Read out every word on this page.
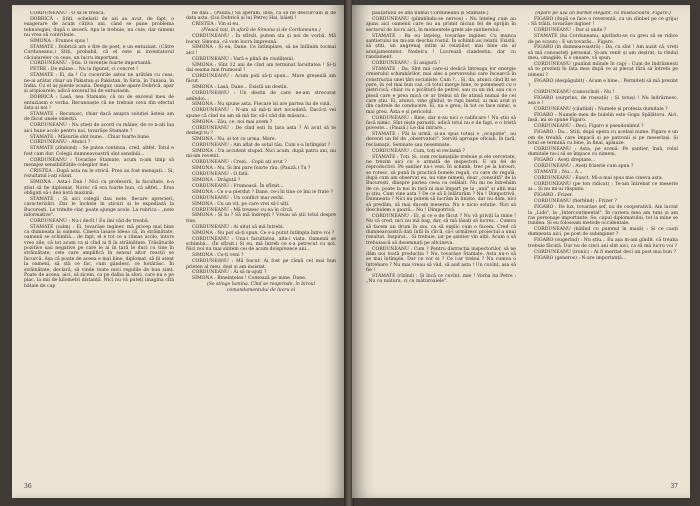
CORDUNEANU : O să le treacă.

DOBRICĂ : Știți, ochelarii de azi au avut, de fapt, o exagerare de acum câțiva ani, când se pune problema tehnologiei, după o seceră. Apa le trebuie, nu cuie, dar nimeni nu vrea să contribuie.

SIMONA : Frumos spus !

STAMATE : Dobrică are o fire de poet, e un entuziast. (Către Corduneanu.) Știți, probabil, că el este și inventatorul căciularelor cu ceas, un lucru important.

CORDUNEANU : Știu. O invenție foarte importantă.

PETRE : De mâine... Nu la figurat, ci concret !

STAMATE : Ei, da ! Cu cuceririle astea ne arătăm cu ceas, ne-ai arătat chiar un Pakistan și Pakistan, în Siria, în Tunisia, în India. Cu el aș pierde ocazia. Desigur, unde apare Dobrică, apar și aripioarele, adică excesul lui de entuziasm.

DOBRICĂ : Lasă, nea Stamate, că nu de excesul meu de entuziasm e vorba. Recunoaște că ne trebuie ceva din efectul ăsta și noi !

STAMATE : Recunosc, chiar dacă asupra soluției ăsteia am de făcut unele obiecții.

CORDUNEANU : Nu știeți de acord cu mâine, de ce n-ați lua aici bune acolo pentru noi, tovarășe Stamate ?

STAMATE : Măsurile sînt bune... Chiar foarte bune.

CORDUNEANU : Atunci ?

STAMATE (zîmbind) : Se putea continua, cred, altfel. Totul e fost cam dur. Colegii dumneavoastră sînt sensibili...

CORDUNEANU : Tovarășe Stamate, acum n-am timp să menajez sensibilitățile colegilor mei.

CRISTEA : După asta nu le strică. Prea au fost menajați... Și, rezultatul i-ați văzut.

SIMONA : Asta-i Dan ! Nici cu profesorii, la facultate, n-a știut să fie diplomat. Noroc că era foarte bun, că altfel... Ersa obligați să-i dea notă maximă.

STAMATE : Și aici colegii dau note, fiecare aprecieri, caracterizări. Dar le încheie în șticuri și le expediază la București. Le trimite clar, poate ajunge acolo. La rubrica : „note informative".

CORDUNEANU : Nu-i decît ! Eu îmi văd de treabă.

STAMATE (calm) : Ei, tovarășe inginer, mă pricep mai bine ca dumneata la oameni. Cineva lasase ideea că, în străinătate, oamenii se schimbă... de fapt, el e tot ce a rămas acolo, întors vreo zile, că tot acum ca și cînd ai fi în străinătate. Trăsăturile pozitive sau negative pe care le ai în țară le duci cu tine în străinătate, cele care amplifică în sensul altor reacții se încurcă. Așa că poate de aceea e mai bine, diplomat, să fii atent la oameni, să știi ce fac, cum gândesc, ce hotărăsc. În străinătate, declară, să vinde toate mici regulile de bun simț. Poate de aceea, aici, să zicem, ca pe dalba la sfori, care nu e pe plac, la mii de kilometri distanță. Nici nu vă puteți imagina cîtă bătaie de cap

ne dau... (Pauză.) Să sperăm, însă, că să ne descurcăm și de data asta. (Lui Dobrică și lui Petre) Hai, băieți !

CRISTEA : Vin și eu.

(Pleacă toți, în afară de Simona și de Corduneanu.)

CORDUNEANU : În sfîrșit, putem sta și noi de vorbă. Mă bucur, Simona, că vom lucra împreună.

SIMONA : Și eu, Dane. Ce întîmplare, să ne întîlnim tocmai aici !

CORDUNEANU : Vară e plină de ciudățenii.

SIMONA : Sînt 12 ani de cînd am terminat facultatea ! Și-ți dai seama mai frumosul !

CORDUNEANU : Acum poți să-ți spun... Mare greșeală am făcut.

SIMONA : Lasă, Dane... Există un destin.

CORDUNEANU : Un destin de care ne-am strecurat amîndoi...

SIMONA : Nu spune asta. Fiecare își are partea lui de vină.

CORDUNEANU : N-am să mă-ți iert niciodată. Dacă-ți vei spune că cînd nu am să mă fac să-i văd din măsura...

SIMONA : Zău, ce, noi mai avem ?

CORDUNEANU : De cînd ești în țara asta ? Ai avut să te dezlegi tu ?

SIMONA : Nu, și tot ce urma. Mare.

CORDUNEANU : Am aflat de soțul tău. Cum s-a întîmplat ?

SIMONA : Un accident stupid. Nici acum, după patru ani, nu mi-am revenit.

CORDUNEANU : Crezi... Copii ați avut ?

SIMONA : Nu. Și îmi pare foarte rău. (Pauză.) Tu ?

CORDUNEANU : O fată.

SIMONA : Drăguță ?

CORDUNEANU : Frumoasă. În sfîrșit...

SIMONA : Ce s-a pierdut ? Dane, ce-i în tine ce îmi ie frate ?

CORDUNEANU : Un conflict mai vechi.

SIMONA : Cu un viț, pe care vrei să-l uiți.

CORDUNEANU : Mă trezesc cu ea în cîrcă.

SIMONA : Și tu ? Să mă îndrepți ? Vreau să știi totul despre tine.

CORDUNEANU : Ai uitat să mă întrebi.

SIMONA : Nu pot să-ți spun. Ce s-a putut întîmpla între voi ?

CORDUNEANU : Una-i facultatea, alta-i viața. Oamenii se schimbă... (În sfîrșit.) Și eu, mă întreb ce s-a petrecut cu noi. Nici noi nu mai sîntem cei de acum doisprezece ani...

SIMONA : Ce-ți veni ?

CORDUNEANU : Mă bucur. Ai fost pe rămîi cel mai bun prieten al meu, deși și am insistat.

CORDUNEANU : Ai să m-ajuți ?

SIMONA : Bineînțeles ! Contează pe mine, Dane.

(Se stinge lumina. Cînd se reaprinde, în biroul comandamentului de lucru el

36

pauzatului se află numai Corduneanu și Stamate.)

CORDUNEANU (plimbîndu-se nervos) : Nu înțeleg cum au ajuns aici oamenii care nu au primit niciun fel de sprijin în sectorul de lucru aici, în momentele grele ale șantierului.

STAMATE : Ba eu înțeleg, tovarășe inginer. Cu munca șantierului nu mi-am deschis rostul. În schimb au relații. Există, să știți, un angrenaj intim al relațiilor, mai bine zis al aranjamentelor. Nedelcu ! Lucrează clandestin, dar cu randament.

CORDUNEANU : Și asigură !

STAMATE : Da. Sînt mii care-și dedică întreaga lor energie creierului schimbărilor, mai ales a perversului care încearcă în construcția unei țări socialiste. Cum ?... Și, da, atunci cînd îți se pare, în cel mai bun caz, că totul merge bine, te pomenești cu o pietricică, chiar cu o picătură de petrol, sau cu un zid, sau cu o piesă care e prea mică ce ar trebui să fie atinsă numai de cei care știu. Ei, atunci, vine gîndul, te rupi bietul, ai mai avut și din cadrele de conducere. Ei, nu e greu, în tot ce face nimic, e mai greu. Ăsta e și pericolul.

CORDUNEANU : Bine, dar n-au nici o calificare ! Nu știu să facă nimic. Sînt niște paraziți, adică totul nu e de fapt, e o tristă poveste... (Pauză.) Le dai intrare...

STAMATE : Păi la urmă, și-au spus totuși o „ocupație", au devenit un fel de „observatori". Serviți aproape oficiali, în țară, reclamații. Semnate sau nesemnate.

CORDUNEANU : Cum, toți ei reclamă ?

STAMATE : Toți. Și, cum reclamațiile trebuie și ele cercetate, ne trezim aici cu o armată de inspectori. E un fel de reproductivi. Pe șantier nu-i vezi. În schimb, trec pe la birouri, se rotesc, să pună în practică bunele reguli, cu care de regulă, după cum am observat eu, nu vine nimeni, doar „consultă" de la București, dinspre partea ceea cu celălalt. Nu mi ne întrebăm de ce, poate la noi în tară ni mai împart pe la „unii" și alții mai și știu. Cum vine asta ? De ce să îi înlăturăm ? Nu ! Dimpotrivă, Dumneata ? Nici nu putem să lucrăm în liniște, dar nu dăm, nici să predăm, să mai ducem meseria. Nu e nicio soluție. Nici să deschidem o gaură... Nu ! Dimpotrivă.

CORDUNEANU : Ei, și ce e de făcut ? Nu vă priviți la mine ! Nu vă cred, nici nu mă bag, dar, să mă lăsați să lucrez... Cumva să facem un drum în sus, ca să explic cum o facem. Cred că dumneavoastră dați întîi în cîrcă, că-i urmăresc proiectul a unui rezultat. Inspirat... Și trebuie, iar pe șantier vin alții. Acum o să trebuiască să desemnați pe altcineva.

CORDUNEANU : Cum ? Pentru distracția inspectorilor, să ne dăm noi toată producția ? Nu, tovarășe Stamate. Asta nu-o să se mai întîmple. Dar ce vor ei ? Ce i-ar trebui ? Nu cumva o întrebare ? Nu mai vreau să văd, să aud asta ! Un cuvînt, așa să fie !

STAMATE (rîzînd) : Și încă ce cuvînt, mie ! Vorba lui Petre : „Nu cu mătura, ci cu măturoaiele".

(Apare pe ușă un bărbat elegant, cu mustăcioară, Figaro.)

FIGARO (după ce face o reverență, cu un zîmbet pe ce grija) : Să trăiți, tovarășe inginer !

CORDUNEANU : Dar și unde ?

STAMATE (lui Corduneanu, ajutîndu-se cu greu să se ridice de pe scaun) : E un tovarăș... Figaro.

FIGARO (în dumneavoastră) : Da, cu sînt ! Am auzit că, vreți să mă cunoașteți personal. Și-am venit și am deșirat, la rîndul meu, omagiile. E o onoare, vă spun.

CORDUNEANU (punînd mîinile în cap) : Cum de îndrăznești să te prezinți în fața mea după ce ai plecat fără să întrebi pe nimeni ?

FIGARO (despăgubit) : Acum e bine... Permiteți să mă prezint ?

CORDUNEANU (cunoscînd) : Nu !

FIGARO (surprins, de roșeață) ; Și totuși ! Nu îndrăznesc, așa e !

CORDUNEANU (căutînd) : Numele și profesia dumitale ?

FIGARO : Numele meu de bulelin este Gogu Spălătoru. Aici, însă, mi se spune Figaro.

CORDUNEANU : Deci, Figaro e pseudonimul ?

FIGARO : Da... Știți, după opera cu același nume. Figaro e un om de treabă, care împacă și pe patronii și pe meseriași. Și totul se termină cu bine, în final, aplauze.

CORDUNEANU : Asta, pe scenă. Pe șantier, însă, rolul dumitale nu-i să se împace cu nimeni.

FIGARO : Aveți dreptate...

CORDUNEANU : Aveți frizerie cum spun ?

STAMATE : Nu... A...

CORDUNEANU : Exact. Mi-a mai spus mie cineva asta.

CORDUNEANU (pe ton ridicat) : Te-am întrebat ce meserie ai... Și nu mi-ai răspuns.

FIGARO : Frizer.

CORDUNEANU (fierbînd) : Frizer ?

FIGARO : De lux, tovarășe șef, nu de cooperativă. Am lucrat la „Lido", la „Intercontinental". În cariera mea am tuns și am ras personaje importante. Se, capul diplomatului, tot la mine se tundea. Și eu foloseam metode occidentale.

CORDUNEANU (bătînd cu pumnul în masă) : Și ce cauți dumneata aici, pe post de subinginer ?

FIGARO (sugerînd) : Nu știu... Eu așa m-am gîndit, că treaba trebuie făcută. Dar nu de cinci ani sînt aici, ca să mă lucru voi ?

CORDUNEANU (ironic) : Ai fi meritat deci un post mai bun ?

FIGARO (generos) : N-are importanță...

37
